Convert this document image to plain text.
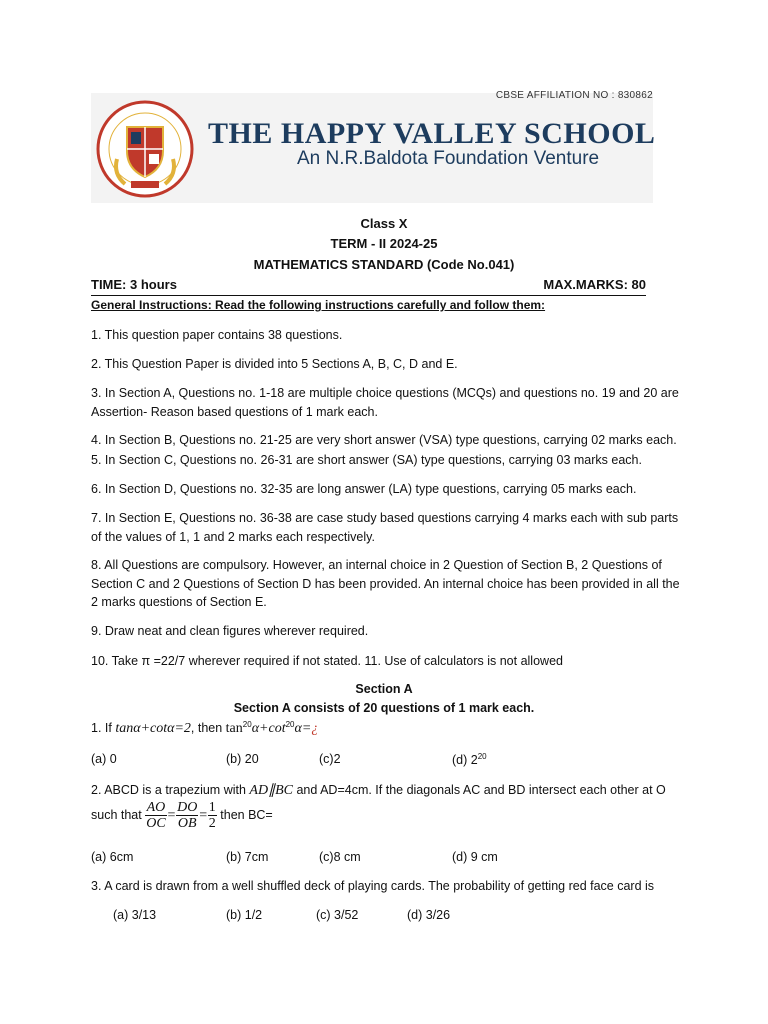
CBSE AFFILIATION NO : 830862
THE HAPPY VALLEY SCHOOL
An N.R.Baldota Foundation Venture
Class X
TERM - II 2024-25
MATHEMATICS STANDARD (Code No.041)
TIME: 3 hours	MAX.MARKS: 80
General Instructions: Read the following instructions carefully and follow them:
1. This question paper contains 38 questions.
2. This Question Paper is divided into 5 Sections A, B, C, D and E.
3. In Section A, Questions no. 1-18 are multiple choice questions (MCQs) and questions no. 19 and 20 are Assertion- Reason based questions of 1 mark each.
4. In Section B, Questions no. 21-25 are very short answer (VSA) type questions, carrying 02 marks each.
5. In Section C, Questions no. 26-31 are short answer (SA) type questions, carrying 03 marks each.
6. In Section D, Questions no. 32-35 are long answer (LA) type questions, carrying 05 marks each.
7. In Section E, Questions no. 36-38 are case study based questions carrying 4 marks each with sub parts of the values of 1, 1 and 2 marks each respectively.
8. All Questions are compulsory. However, an internal choice in 2 Question of Section B, 2 Questions of Section C and 2 Questions of Section D has been provided. An internal choice has been provided in all the 2 marks questions of Section E.
9. Draw neat and clean figures wherever required.
10. Take π =22/7 wherever required if not stated. 11. Use of calculators is not allowed
Section A
Section A consists of 20 questions of 1 mark each.
1. If tanα+cotα=2, then $\tan^{20}\alpha+\cot^{20}\alpha=¿$
(a) 0	(b) 20	(c)2	(d) $2^{20}$
2. ABCD is a trapezium with AD∥BC and AD=4cm. If the diagonals AC and BD intersect each other at O
such that $\frac{AO}{OC} = \frac{DO}{OB} = \frac{1}{2}$ then BC=
(a) 6cm	(b) 7cm	(c)8 cm	(d) 9 cm
3. A card is drawn from a well shuffled deck of playing cards. The probability of getting red face card is
(a) 3/13	(b) 1/2	(c) 3/52	(d) 3/26
